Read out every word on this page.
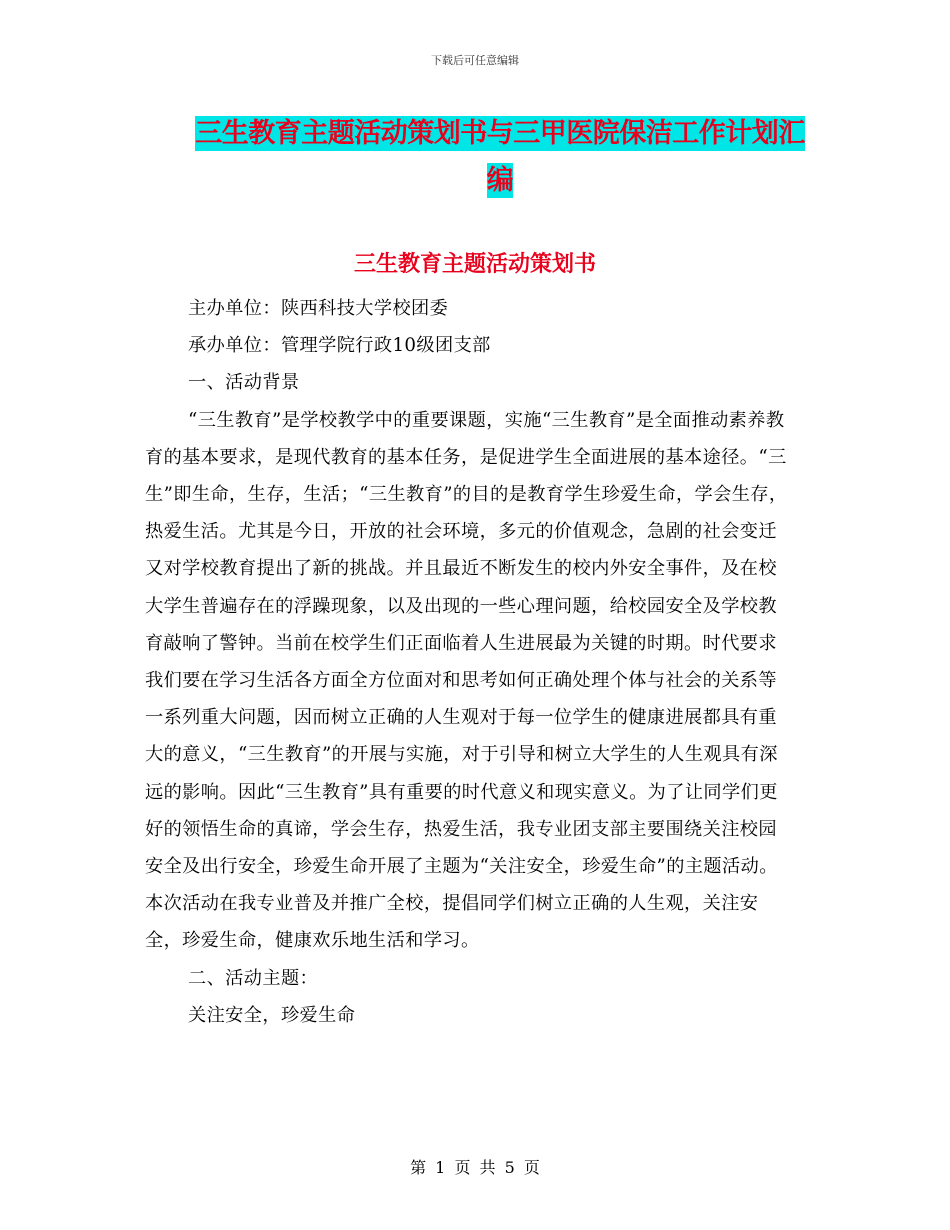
下载后可任意编辑
三生教育主题活动策划书与三甲医院保洁工作计划汇编
三生教育主题活动策划书

主办单位：陕西科技大学校团委

承办单位：管理学院行政10级团支部

一、活动背景

“三生教育”是学校教学中的重要课题，实施“三生教育”是全面推动素养教育的基本要求，是现代教育的基本任务，是促进学生全面进展的基本途径。“三生”即生命，生存，生活；“三生教育”的目的是教育学生珍爱生命，学会生存，热爱生活。尤其是今日，开放的社会环境，多元的价值观念，急剧的社会变迁又对学校教育提出了新的挑战。并且最近不断发生的校内外安全事件，及在校大学生普遍存在的浮躁现象，以及出现的一些心理问题，给校园安全及学校教育敲响了警钟。当前在校学生们正面临着人生进展最为关键的时期。时代要求我们要在学习生活各方面全方位面对和思考如何正确处理个体与社会的关系等一系列重大问题，因而树立正确的人生观对于每一位学生的健康进展都具有重大的意义，“三生教育”的开展与实施，对于引导和树立大学生的人生观具有深远的影响。因此“三生教育”具有重要的时代意义和现实意义。为了让同学们更好的领悟生命的真谛，学会生存，热爱生活，我专业团支部主要围绕关注校园安全及出行安全，珍爱生命开展了主题为“关注安全，珍爱生命”的主题活动。本次活动在我专业普及并推广全校，提倡同学们树立正确的人生观，关注安全，珍爱生命，健康欢乐地生活和学习。

二、活动主题：

关注安全，珍爱生命

第 1 页 共 5 页
